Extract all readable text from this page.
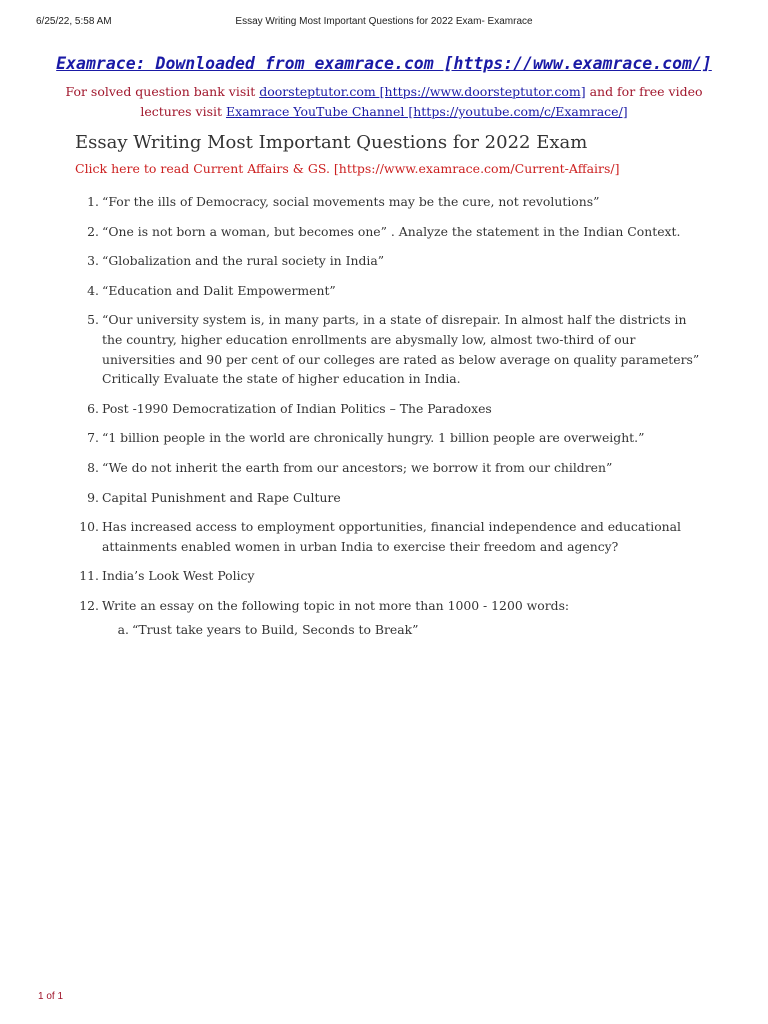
6/25/22, 5:58 AM	Essay Writing Most Important Questions for 2022 Exam- Examrace
Examrace: Downloaded from examrace.com [https://www.examrace.com/]
For solved question bank visit doorsteptutor.com [https://www.doorsteptutor.com] and for free video lectures visit Examrace YouTube Channel [https://youtube.com/c/Examrace/]
Essay Writing Most Important Questions for 2022 Exam
Click here to read Current Affairs & GS. [https://www.examrace.com/Current-Affairs/]
1. “For the ills of Democracy, social movements may be the cure, not revolutions”
2. “One is not born a woman, but becomes one” . Analyze the statement in the Indian Context.
3. “Globalization and the rural society in India”
4. “Education and Dalit Empowerment”
5. “Our university system is, in many parts, in a state of disrepair. In almost half the districts in the country, higher education enrollments are abysmally low, almost two-third of our universities and 90 per cent of our colleges are rated as below average on quality parameters” Critically Evaluate the state of higher education in India.
6. Post -1990 Democratization of Indian Politics – The Paradoxes
7. “1 billion people in the world are chronically hungry. 1 billion people are overweight.”
8. “We do not inherit the earth from our ancestors; we borrow it from our children”
9. Capital Punishment and Rape Culture
10. Has increased access to employment opportunities, financial independence and educational attainments enabled women in urban India to exercise their freedom and agency?
11. India’s Look West Policy
12. Write an essay on the following topic in not more than 1000 - 1200 words:
a. “Trust take years to Build, Seconds to Break”
1 of 1
